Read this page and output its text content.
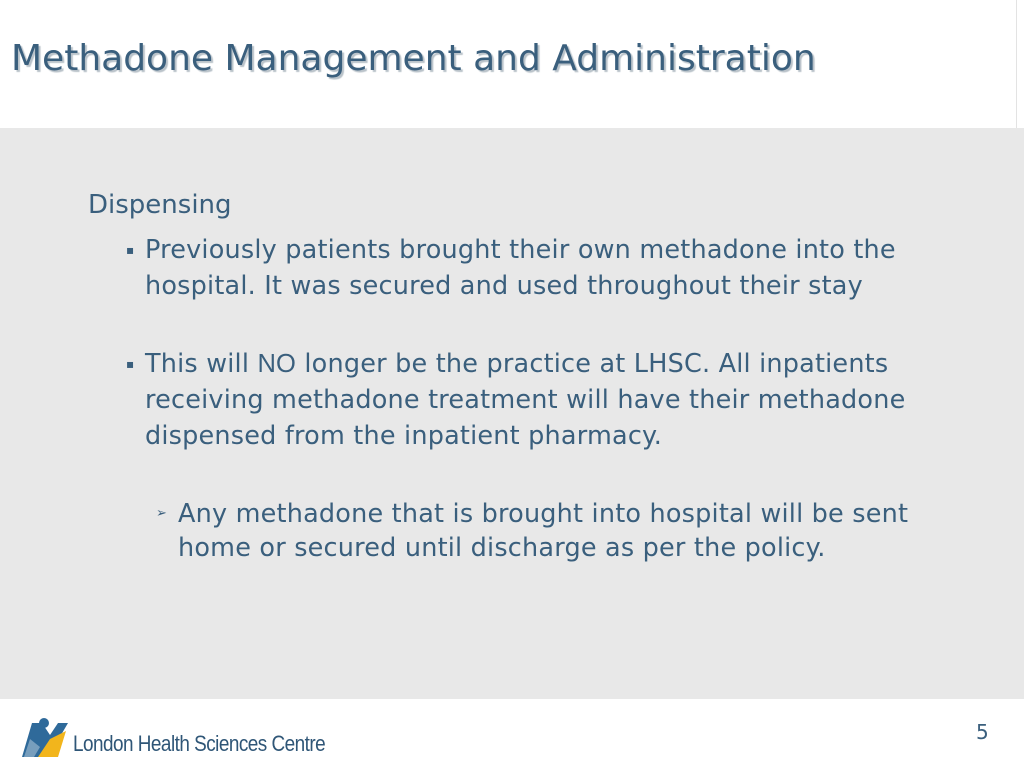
Methadone Management and Administration
Dispensing
▪ Previously patients brought their own methadone into the hospital. It was secured and used throughout their stay
▪ This will NO longer be the practice at LHSC. All inpatients receiving methadone treatment will have their methadone dispensed from the inpatient pharmacy.
➢ Any methadone that is brought into hospital will be sent home or secured until discharge as per the policy.
London Health Sciences Centre	5
